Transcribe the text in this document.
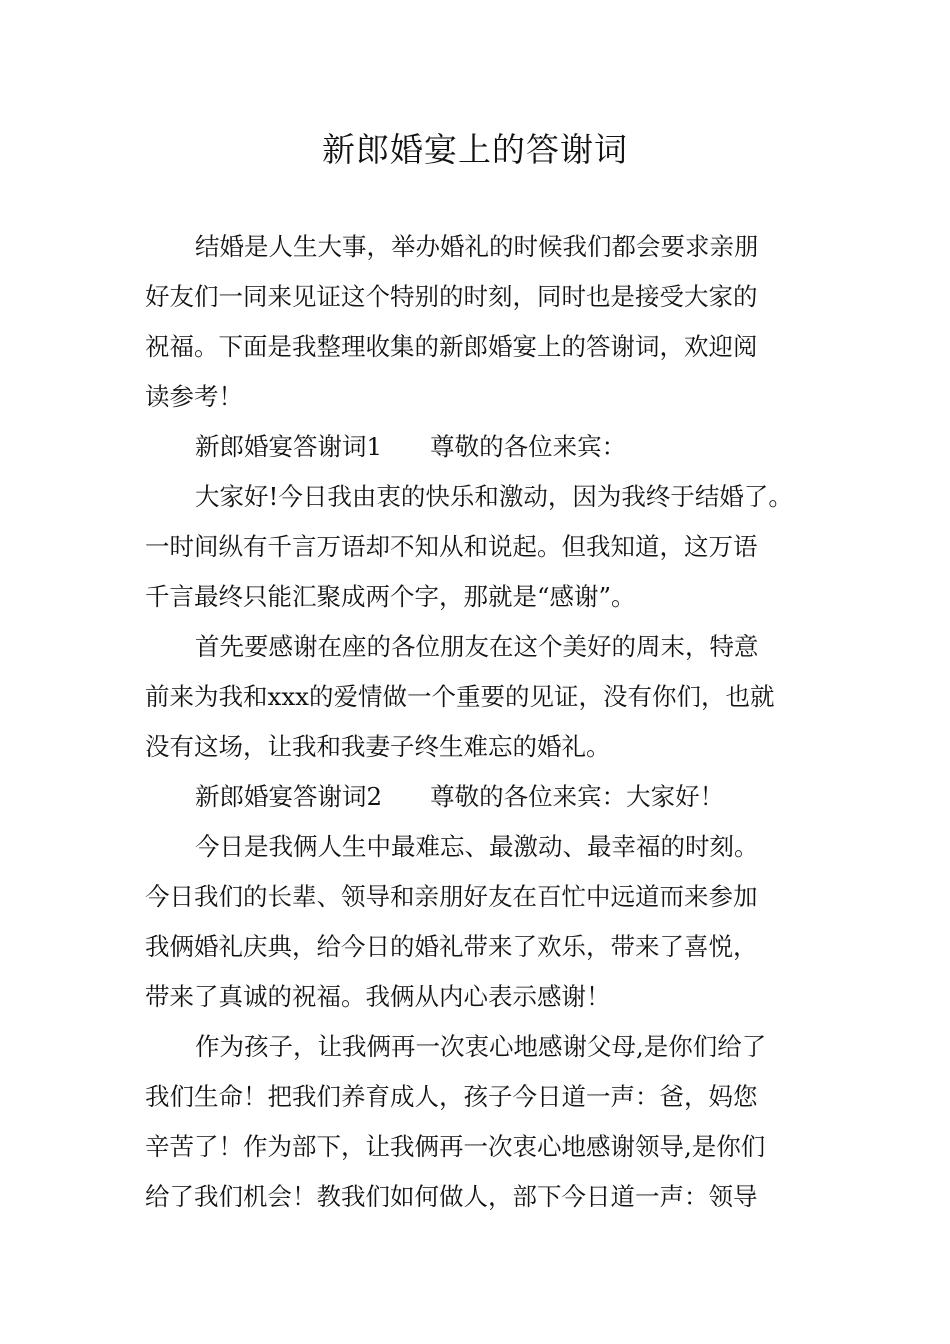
新郎婚宴上的答谢词
结婚是人生大事，举办婚礼的时候我们都会要求亲朋
好友们一同来见证这个特别的时刻，同时也是接受大家的
祝福。下面是我整理收集的新郎婚宴上的答谢词，欢迎阅
读参考！
新郎婚宴答谢词1 尊敬的各位来宾：
大家好!今日我由衷的快乐和激动，因为我终于结婚了。
一时间纵有千言万语却不知从和说起。但我知道，这万语
千言最终只能汇聚成两个字，那就是“感谢”。
首先要感谢在座的各位朋友在这个美好的周末，特意
前来为我和xxx的爱情做一个重要的见证，没有你们，也就
没有这场，让我和我妻子终生难忘的婚礼。
新郎婚宴答谢词2 尊敬的各位来宾：大家好！
今日是我俩人生中最难忘、最激动、最幸福的时刻。
今日我们的长辈、领导和亲朋好友在百忙中远道而来参加
我俩婚礼庆典，给今日的婚礼带来了欢乐，带来了喜悦，
带来了真诚的祝福。我俩从内心表示感谢！
作为孩子，让我俩再一次衷心地感谢父母,是你们给了
我们生命！把我们养育成人，孩子今日道一声：爸，妈您
辛苦了！作为部下，让我俩再一次衷心地感谢领导,是你们
给了我们机会！教我们如何做人，部下今日道一声：领导
